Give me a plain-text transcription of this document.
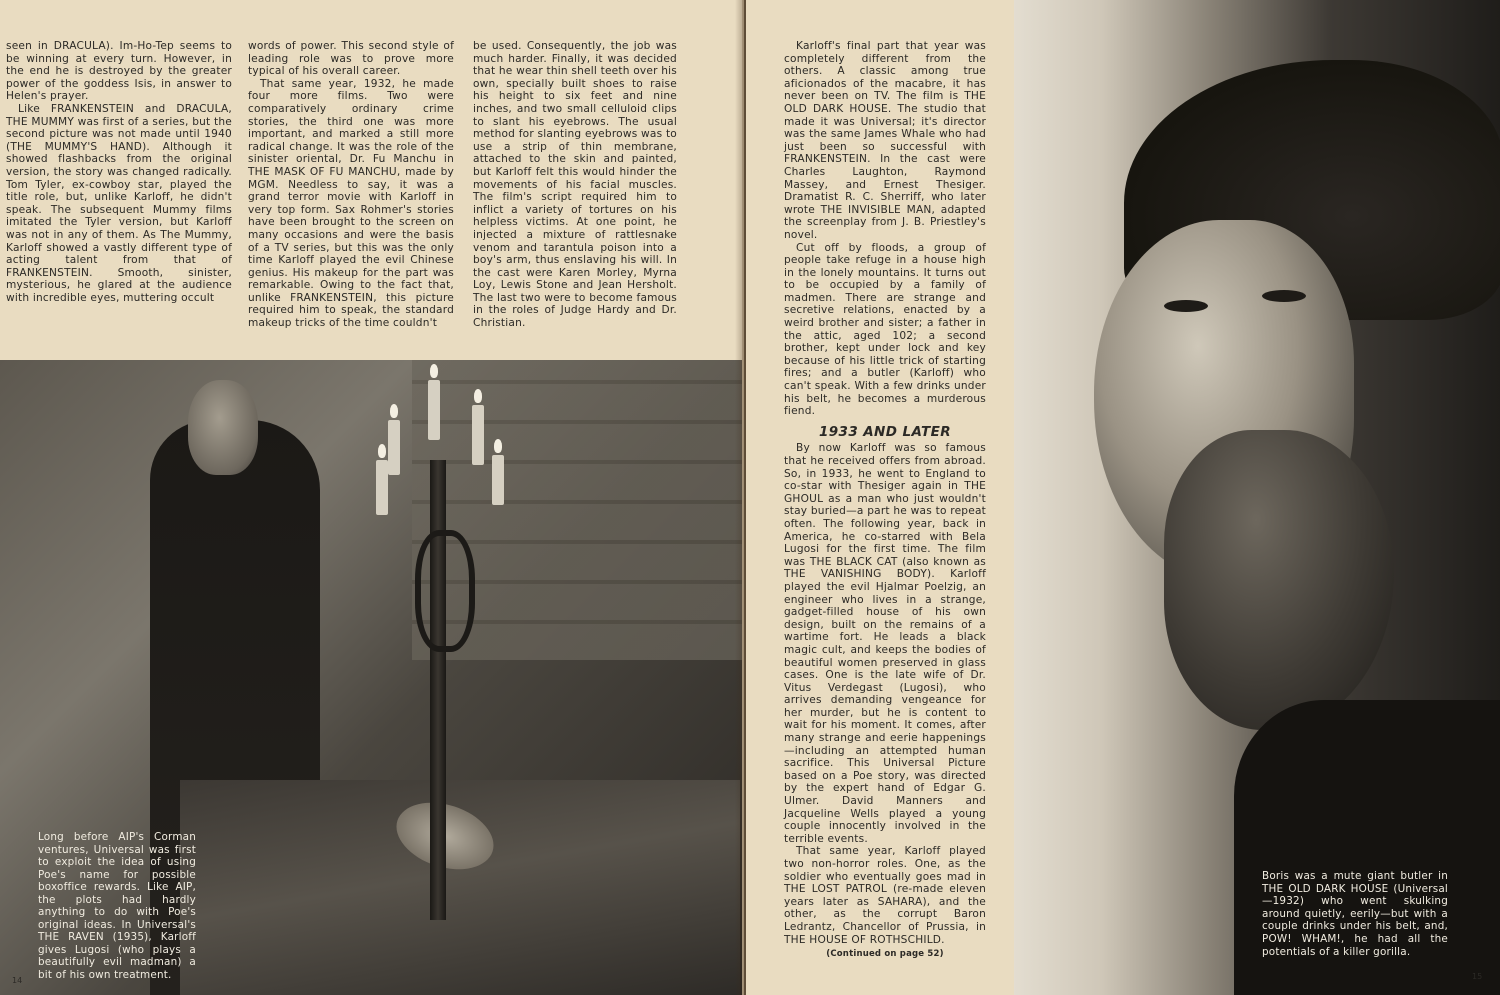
seen in DRACULA). Im-Ho-Tep seems to be winning at every turn. However, in the end he is destroyed by the greater power of the goddess Isis, in answer to Helen's prayer.

Like FRANKENSTEIN and DRACULA, THE MUMMY was first of a series, but the second picture was not made until 1940 (THE MUMMY'S HAND). Although it showed flashbacks from the original version, the story was changed radically. Tom Tyler, ex-cowboy star, played the title role, but, unlike Karloff, he didn't speak. The subsequent Mummy films imitated the Tyler version, but Karloff was not in any of them. As The Mummy, Karloff showed a vastly different type of acting talent from that of FRANKENSTEIN. Smooth, sinister, mysterious, he glared at the audience with incredible eyes, muttering occult

words of power. This second style of leading role was to prove more typical of his overall career.

That same year, 1932, he made four more films. Two were comparatively ordinary crime stories, the third one was more important, and marked a still more radical change. It was the role of the sinister oriental, Dr. Fu Manchu in THE MASK OF FU MANCHU, made by MGM. Needless to say, it was a grand terror movie with Karloff in very top form. Sax Rohmer's stories have been brought to the screen on many occasions and were the basis of a TV series, but this was the only time Karloff played the evil Chinese genius. His makeup for the part was remarkable. Owing to the fact that, unlike FRANKENSTEIN, this picture required him to speak, the standard makeup tricks of the time couldn't

be used. Consequently, the job was much harder. Finally, it was decided that he wear thin shell teeth over his own, specially built shoes to raise his height to six feet and nine inches, and two small celluloid clips to slant his eyebrows. The usual method for slanting eyebrows was to use a strip of thin membrane, attached to the skin and painted, but Karloff felt this would hinder the movements of his facial muscles. The film's script required him to inflict a variety of tortures on his helpless victims. At one point, he injected a mixture of rattlesnake venom and tarantula poison into a boy's arm, thus enslaving his will. In the cast were Karen Morley, Myrna Loy, Lewis Stone and Jean Hersholt. The last two were to become famous in the roles of Judge Hardy and Dr. Christian.

Long before AIP's Corman ventures, Universal was first to exploit the idea of using Poe's name for possible boxoffice rewards. Like AIP, the plots had hardly anything to do with Poe's original ideas. In Universal's THE RAVEN (1935), Karloff gives Lugosi (who plays a beautifully evil madman) a bit of his own treatment.
14

Karloff's final part that year was completely different from the others. A classic among true aficionados of the macabre, it has never been on TV. The film is THE OLD DARK HOUSE. The studio that made it was Universal; it's director was the same James Whale who had just been so successful with FRANKENSTEIN. In the cast were Charles Laughton, Raymond Massey, and Ernest Thesiger. Dramatist R. C. Sherriff, who later wrote THE INVISIBLE MAN, adapted the screenplay from J. B. Priestley's novel.

Cut off by floods, a group of people take refuge in a house high in the lonely mountains. It turns out to be occupied by a family of madmen. There are strange and secretive relations, enacted by a weird brother and sister; a father in the attic, aged 102; a second brother, kept under lock and key because of his little trick of starting fires; and a butler (Karloff) who can't speak. With a few drinks under his belt, he becomes a murderous fiend.

1933 AND LATER

By now Karloff was so famous that he received offers from abroad. So, in 1933, he went to England to co-star with Thesiger again in THE GHOUL as a man who just wouldn't stay buried—a part he was to repeat often. The following year, back in America, he co-starred with Bela Lugosi for the first time. The film was THE BLACK CAT (also known as THE VANISHING BODY). Karloff played the evil Hjalmar Poelzig, an engineer who lives in a strange, gadget-filled house of his own design, built on the remains of a wartime fort. He leads a black magic cult, and keeps the bodies of beautiful women preserved in glass cases. One is the late wife of Dr. Vitus Verdegast (Lugosi), who arrives demanding vengeance for her murder, but he is content to wait for his moment. It comes, after many strange and eerie happenings—including an attempted human sacrifice. This Universal Picture based on a Poe story, was directed by the expert hand of Edgar G. Ulmer. David Manners and Jacqueline Wells played a young couple innocently involved in the terrible events.

That same year, Karloff played two non-horror roles. One, as the soldier who eventually goes mad in THE LOST PATROL (re-made eleven years later as SAHARA), and the other, as the corrupt Baron Ledrantz, Chancellor of Prussia, in THE HOUSE OF ROTHSCHILD.

(Continued on page 52)
Boris was a mute giant butler in THE OLD DARK HOUSE (Universal—1932) who went skulking around quietly, eerily—but with a couple drinks under his belt, and, POW! WHAM!, he had all the potentials of a killer gorilla.
15
